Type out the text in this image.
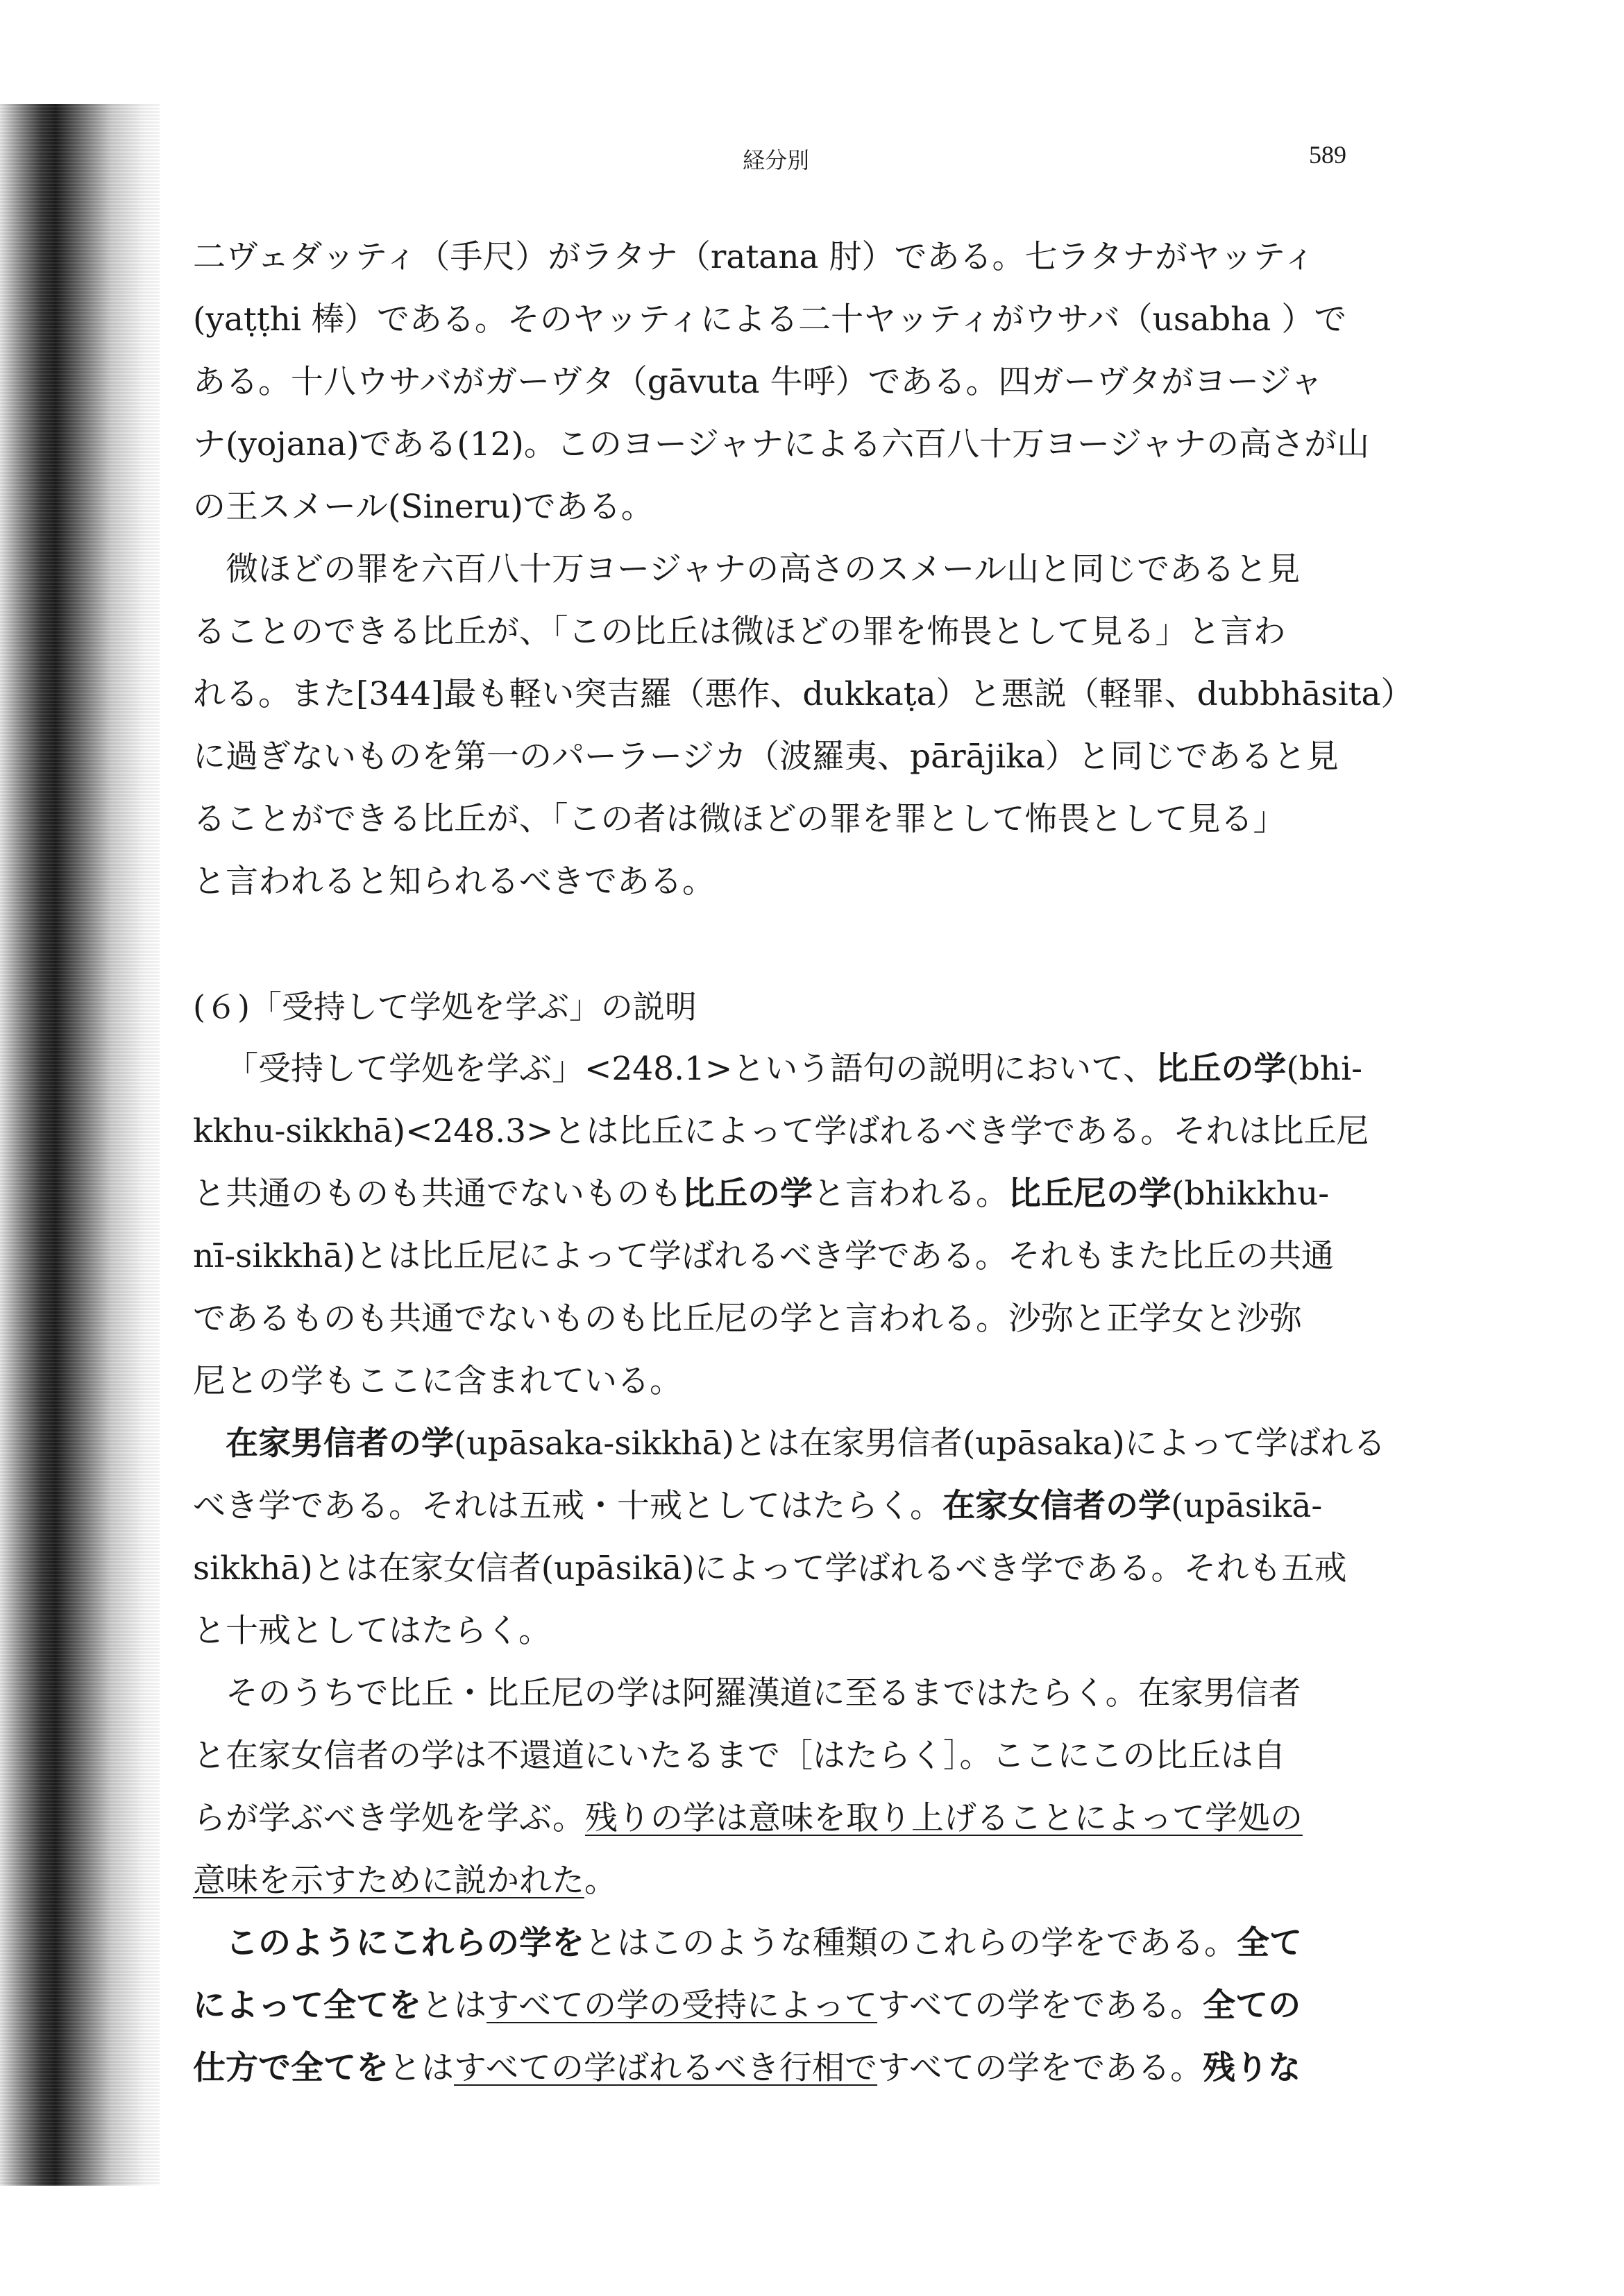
経分別	589
二ヴェダッティ（手尺）がラタナ（ratana 肘）である。七ラタナがヤッティ
(yaṭṭhi 棒）である。そのヤッティによる二十ヤッティがウサバ（usabha ）で
ある。十八ウサバがガーヴタ（gāvuta 牛呼）である。四ガーヴタがヨージャ
ナ(yojana)である(12)。このヨージャナによる六百八十万ヨージャナの高さが山
の王スメール(Sineru)である。
微ほどの罪を六百八十万ヨージャナの高さのスメール山と同じであると見
ることのできる比丘が、「この比丘は微ほどの罪を怖畏として見る」と言わ
れる。また[344]最も軽い突吉羅（悪作、dukkaṭa）と悪説（軽罪、dubbhāsita）
に過ぎないものを第一のパーラージカ（波羅夷、pārājika）と同じであると見
ることができる比丘が、「この者は微ほどの罪を罪として怖畏として見る」
と言われると知られるべきである。
(６)「受持して学処を学ぶ」の説明
「受持して学処を学ぶ」<248.1>という語句の説明において、比丘の学(bhi-
kkhu-sikkhā)<248.3>とは比丘によって学ばれるべき学である。それは比丘尼
と共通のものも共通でないものも比丘の学と言われる。比丘尼の学(bhikkhu-
nī-sikkhā)とは比丘尼によって学ばれるべき学である。それもまた比丘の共通
であるものも共通でないものも比丘尼の学と言われる。沙弥と正学女と沙弥
尼との学もここに含まれている。
在家男信者の学(upāsaka-sikkhā)とは在家男信者(upāsaka)によって学ばれる
べき学である。それは五戒・十戒としてはたらく。在家女信者の学(upāsikā-
sikkhā)とは在家女信者(upāsikā)によって学ばれるべき学である。それも五戒
と十戒としてはたらく。
そのうちで比丘・比丘尼の学は阿羅漢道に至るまではたらく。在家男信者
と在家女信者の学は不還道にいたるまで［はたらく］。ここにこの比丘は自
らが学ぶべき学処を学ぶ。残りの学は意味を取り上げることによって学処の
意味を示すために説かれた。
このようにこれらの学をとはこのような種類のこれらの学をである。全て
によって全てをとはすべての学の受持によってすべての学をである。全ての
仕方で全てをとはすべての学ばれるべき行相ですべての学をである。残りな
